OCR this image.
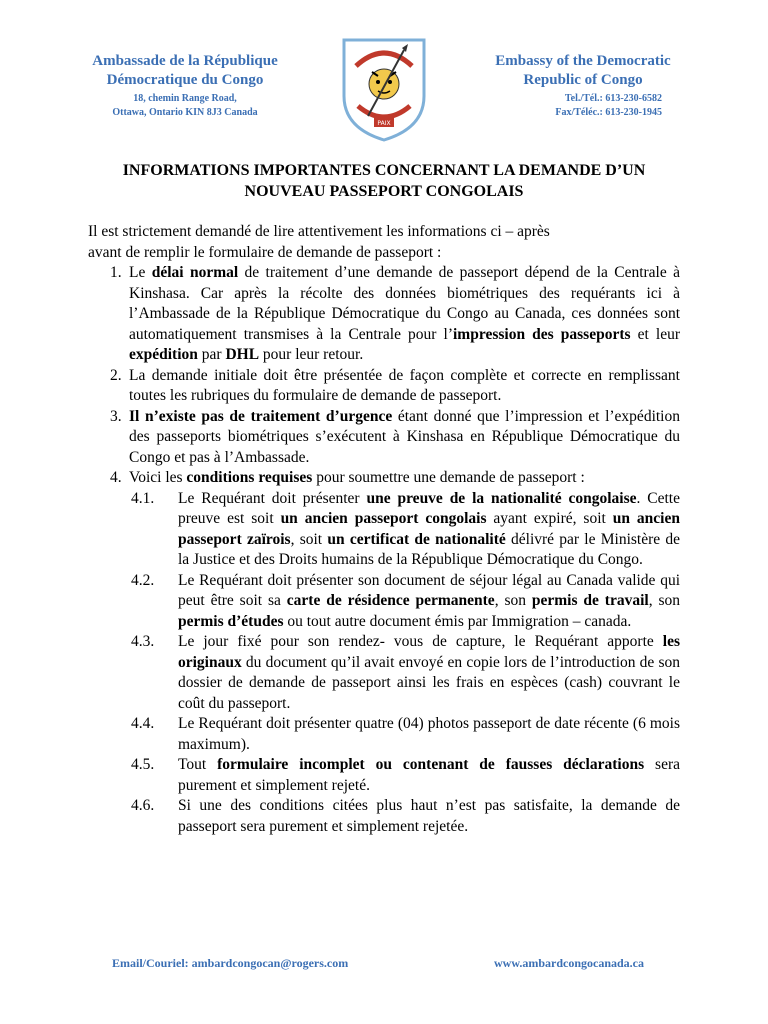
Ambassade de la République
Démocratique du Congo
18, chemin Range Road,
Ottawa, Ontario KIN 8J3 Canada
PAIX
Embassy of the Democratic
Republic of Congo
Tel./Tél.: 613-230-6582
Fax/Téléc.: 613-230-1945
INFORMATIONS IMPORTANTES CONCERNANT LA DEMANDE D’UN
NOUVEAU PASSEPORT CONGOLAIS
Il est strictement demandé de lire attentivement les informations ci – après
avant de remplir le formulaire de demande de passeport :
1. Le délai normal de traitement d’une demande de passeport dépend de la Centrale à Kinshasa. Car après la récolte des données biométriques des requérants ici à l’Ambassade de la République Démocratique du Congo au Canada, ces données sont automatiquement transmises à la Centrale pour l’impression des passeports et leur expédition par DHL pour leur retour.
2. La demande initiale doit être présentée de façon complète et correcte en remplissant toutes les rubriques du formulaire de demande de passeport.
3. Il n’existe pas de traitement d’urgence étant donné que l’impression et l’expédition des passeports biométriques s’exécutent à Kinshasa en République Démocratique du Congo et pas à l’Ambassade.
4. Voici les conditions requises pour soumettre une demande de passeport :
4.1.	Le Requérant doit présenter une preuve de la nationalité congolaise. Cette preuve est soit un ancien passeport congolais ayant expiré, soit un ancien passeport zaïrois, soit un certificat de nationalité délivré par le Ministère de la Justice et des Droits humains de la République Démocratique du Congo.
4.2.	Le Requérant doit présenter son document de séjour légal au Canada valide qui peut être soit sa carte de résidence permanente, son permis de travail, son permis d’études ou tout autre document émis par Immigration – canada.
4.3.	Le jour fixé pour son rendez- vous de capture, le Requérant apporte les originaux du document qu’il avait envoyé en copie lors de l’introduction de son dossier de demande de passeport ainsi les frais en espèces (cash) couvrant le coût du passeport.
4.4.	Le Requérant doit présenter quatre (04) photos passeport de date récente (6 mois maximum).
4.5.	Tout formulaire incomplet ou contenant de fausses déclarations sera purement et simplement rejeté.
4.6.	Si une des conditions citées plus haut n’est pas satisfaite, la demande de passeport sera purement et simplement rejetée.
Email/Couriel: ambardcongocan@rogers.com	www.ambardcongocanada.ca
